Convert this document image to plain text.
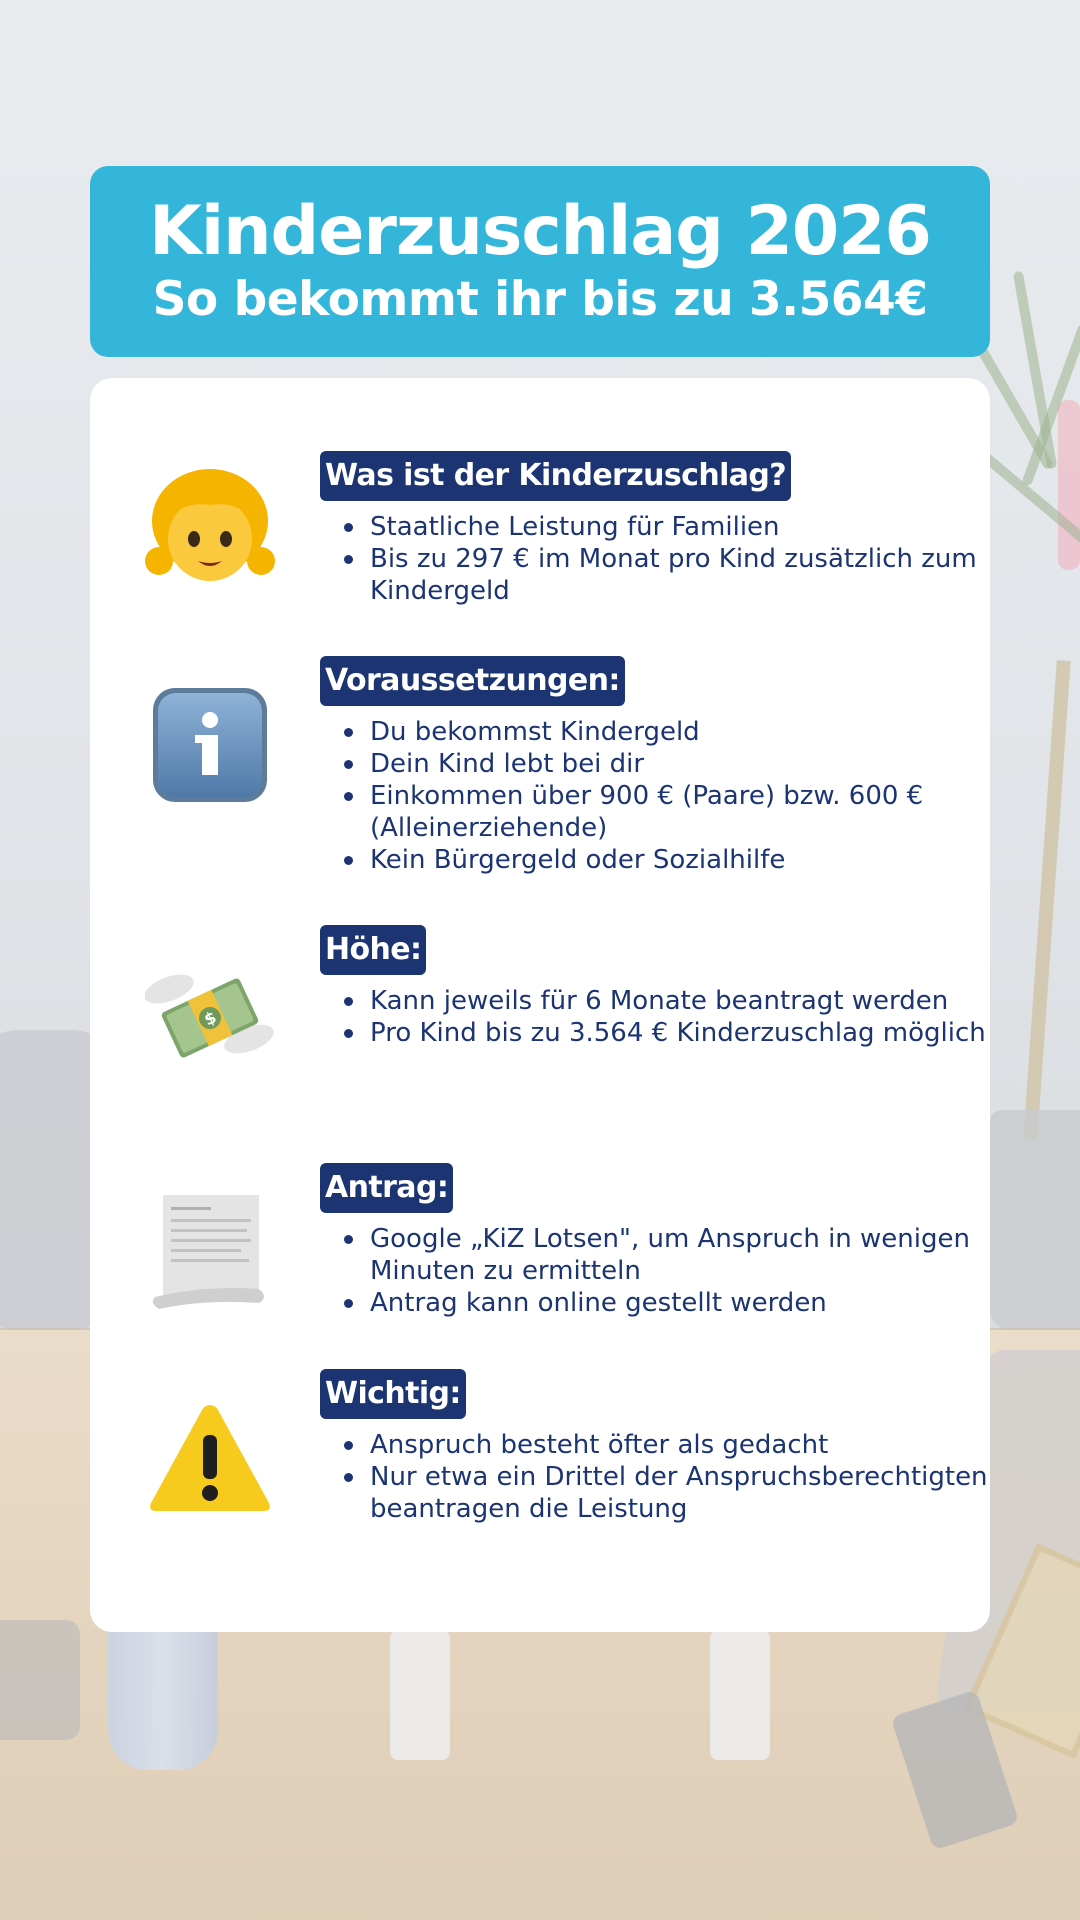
Kinderzuschlag 2026
So bekommt ihr bis zu 3.564€
Was ist der Kinderzuschlag?
Staatliche Leistung für Familien
Bis zu 297 € im Monat pro Kind zusätzlich zum Kindergeld
Voraussetzungen:
Du bekommst Kindergeld
Dein Kind lebt bei dir
Einkommen über 900 € (Paare) bzw. 600 € (Alleinerziehende)
Kein Bürgergeld oder Sozialhilfe
$
Höhe:
Kann jeweils für 6 Monate beantragt werden
Pro Kind bis zu 3.564 € Kinderzuschlag möglich
Antrag:
Google „KiZ Lotsen", um Anspruch in wenigen Minuten zu ermitteln
Antrag kann online gestellt werden
Wichtig:
Anspruch besteht öfter als gedacht
Nur etwa ein Drittel der Anspruchsberechtigten beantragen die Leistung
